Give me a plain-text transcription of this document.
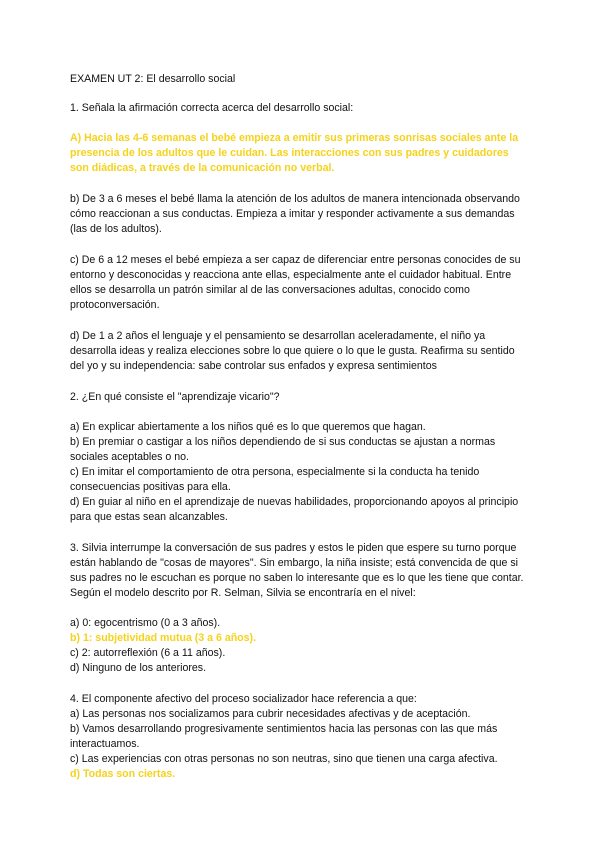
EXAMEN UT 2: El desarrollo social

1. Señala la afirmación correcta acerca del desarrollo social:

A) Hacia las 4-6 semanas el bebé empieza a emitir sus primeras sonrisas sociales ante la presencia de los adultos que le cuidan. Las interacciones con sus padres y cuidadores son diádicas, a través de la comunicación no verbal.

b) De 3 a 6 meses el bebé llama la atención de los adultos de manera intencionada observando cómo reaccionan a sus conductas. Empieza a imitar y responder activamente a sus demandas (las de los adultos).

c) De 6 a 12 meses el bebé empieza a ser capaz de diferenciar entre personas conocides de su entorno y desconocidas y reacciona ante ellas, especialmente ante el cuidador habitual. Entre ellos se desarrolla un patrón similar al de las conversaciones adultas, conocido como protoconversación.

d) De 1 a 2 años el lenguaje y el pensamiento se desarrollan aceleradamente, el niño ya desarrolla ideas y realiza elecciones sobre lo que quiere o lo que le gusta. Reafirma su sentido del yo y su independencia: sabe controlar sus enfados y expresa sentimientos

2. ¿En qué consiste el "aprendizaje vicario"?

a) En explicar abiertamente a los niños qué es lo que queremos que hagan.

b) En premiar o castigar a los niños dependiendo de si sus conductas se ajustan a normas sociales aceptables o no.

c) En imitar el comportamiento de otra persona, especialmente si la conducta ha tenido consecuencias positivas para ella.

d) En guiar al niño en el aprendizaje de nuevas habilidades, proporcionando apoyos al principio para que estas sean alcanzables.

3. Silvia interrumpe la conversación de sus padres y estos le piden que espere su turno porque están hablando de "cosas de mayores". Sin embargo, la niña insiste; está convencida de que si sus padres no le escuchan es porque no saben lo interesante que es lo que les tiene que contar. Según el modelo descrito por R. Selman, Silvia se encontraría en el nivel:

a) 0: egocentrismo (0 a 3 años).

b) 1: subjetividad mutua (3 a 6 años).

c) 2: autorreflexión (6 a 11 años).

d) Ninguno de los anteriores.

4. El componente afectivo del proceso socializador hace referencia a que:

a) Las personas nos socializamos para cubrir necesidades afectivas y de aceptación.

b) Vamos desarrollando progresivamente sentimientos hacia las personas con las que más interactuamos.

c) Las experiencias con otras personas no son neutras, sino que tienen una carga afectiva.

d) Todas son ciertas.
